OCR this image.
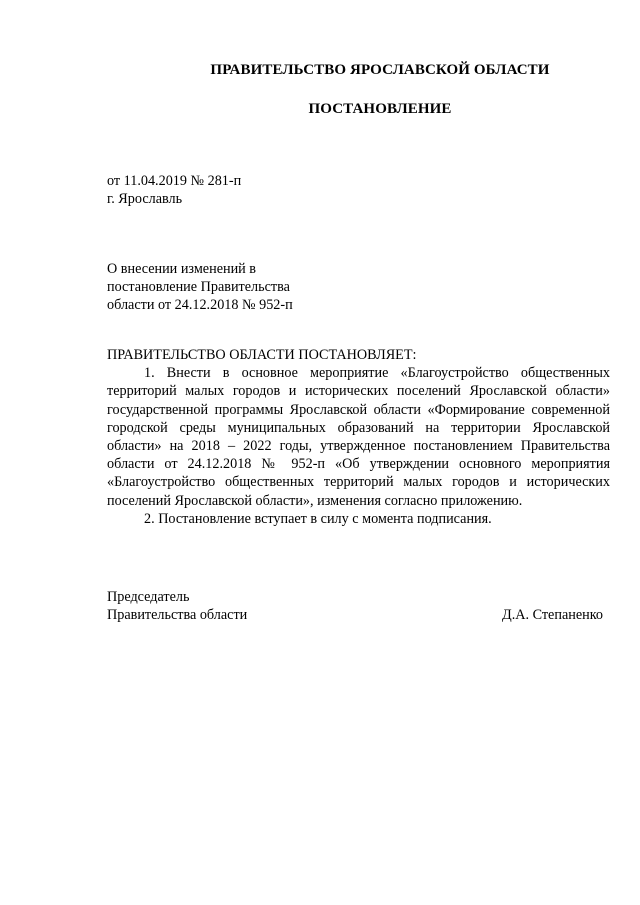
ПРАВИТЕЛЬСТВО ЯРОСЛАВСКОЙ ОБЛАСТИ
ПОСТАНОВЛЕНИЕ
от 11.04.2019 № 281-п
г. Ярославль
О внесении изменений в
постановление Правительства
области от 24.12.2018 № 952-п

ПРАВИТЕЛЬСТВО ОБЛАСТИ ПОСТАНОВЛЯЕТ:

1. Внести в основное мероприятие «Благоустройство общественных территорий малых городов и исторических поселений Ярославской области» государственной программы Ярославской области «Формирование современной городской среды муниципальных образований на территории Ярославской области» на 2018 – 2022 годы, утвержденное постановлением Правительства области от 24.12.2018 № 952-п «Об утверждении основного мероприятия «Благоустройство общественных территорий малых городов и исторических поселений Ярославской области», изменения согласно приложению.

2. Постановление вступает в силу с момента подписания.

Председатель
Правительства области	Д.А. Степаненко
